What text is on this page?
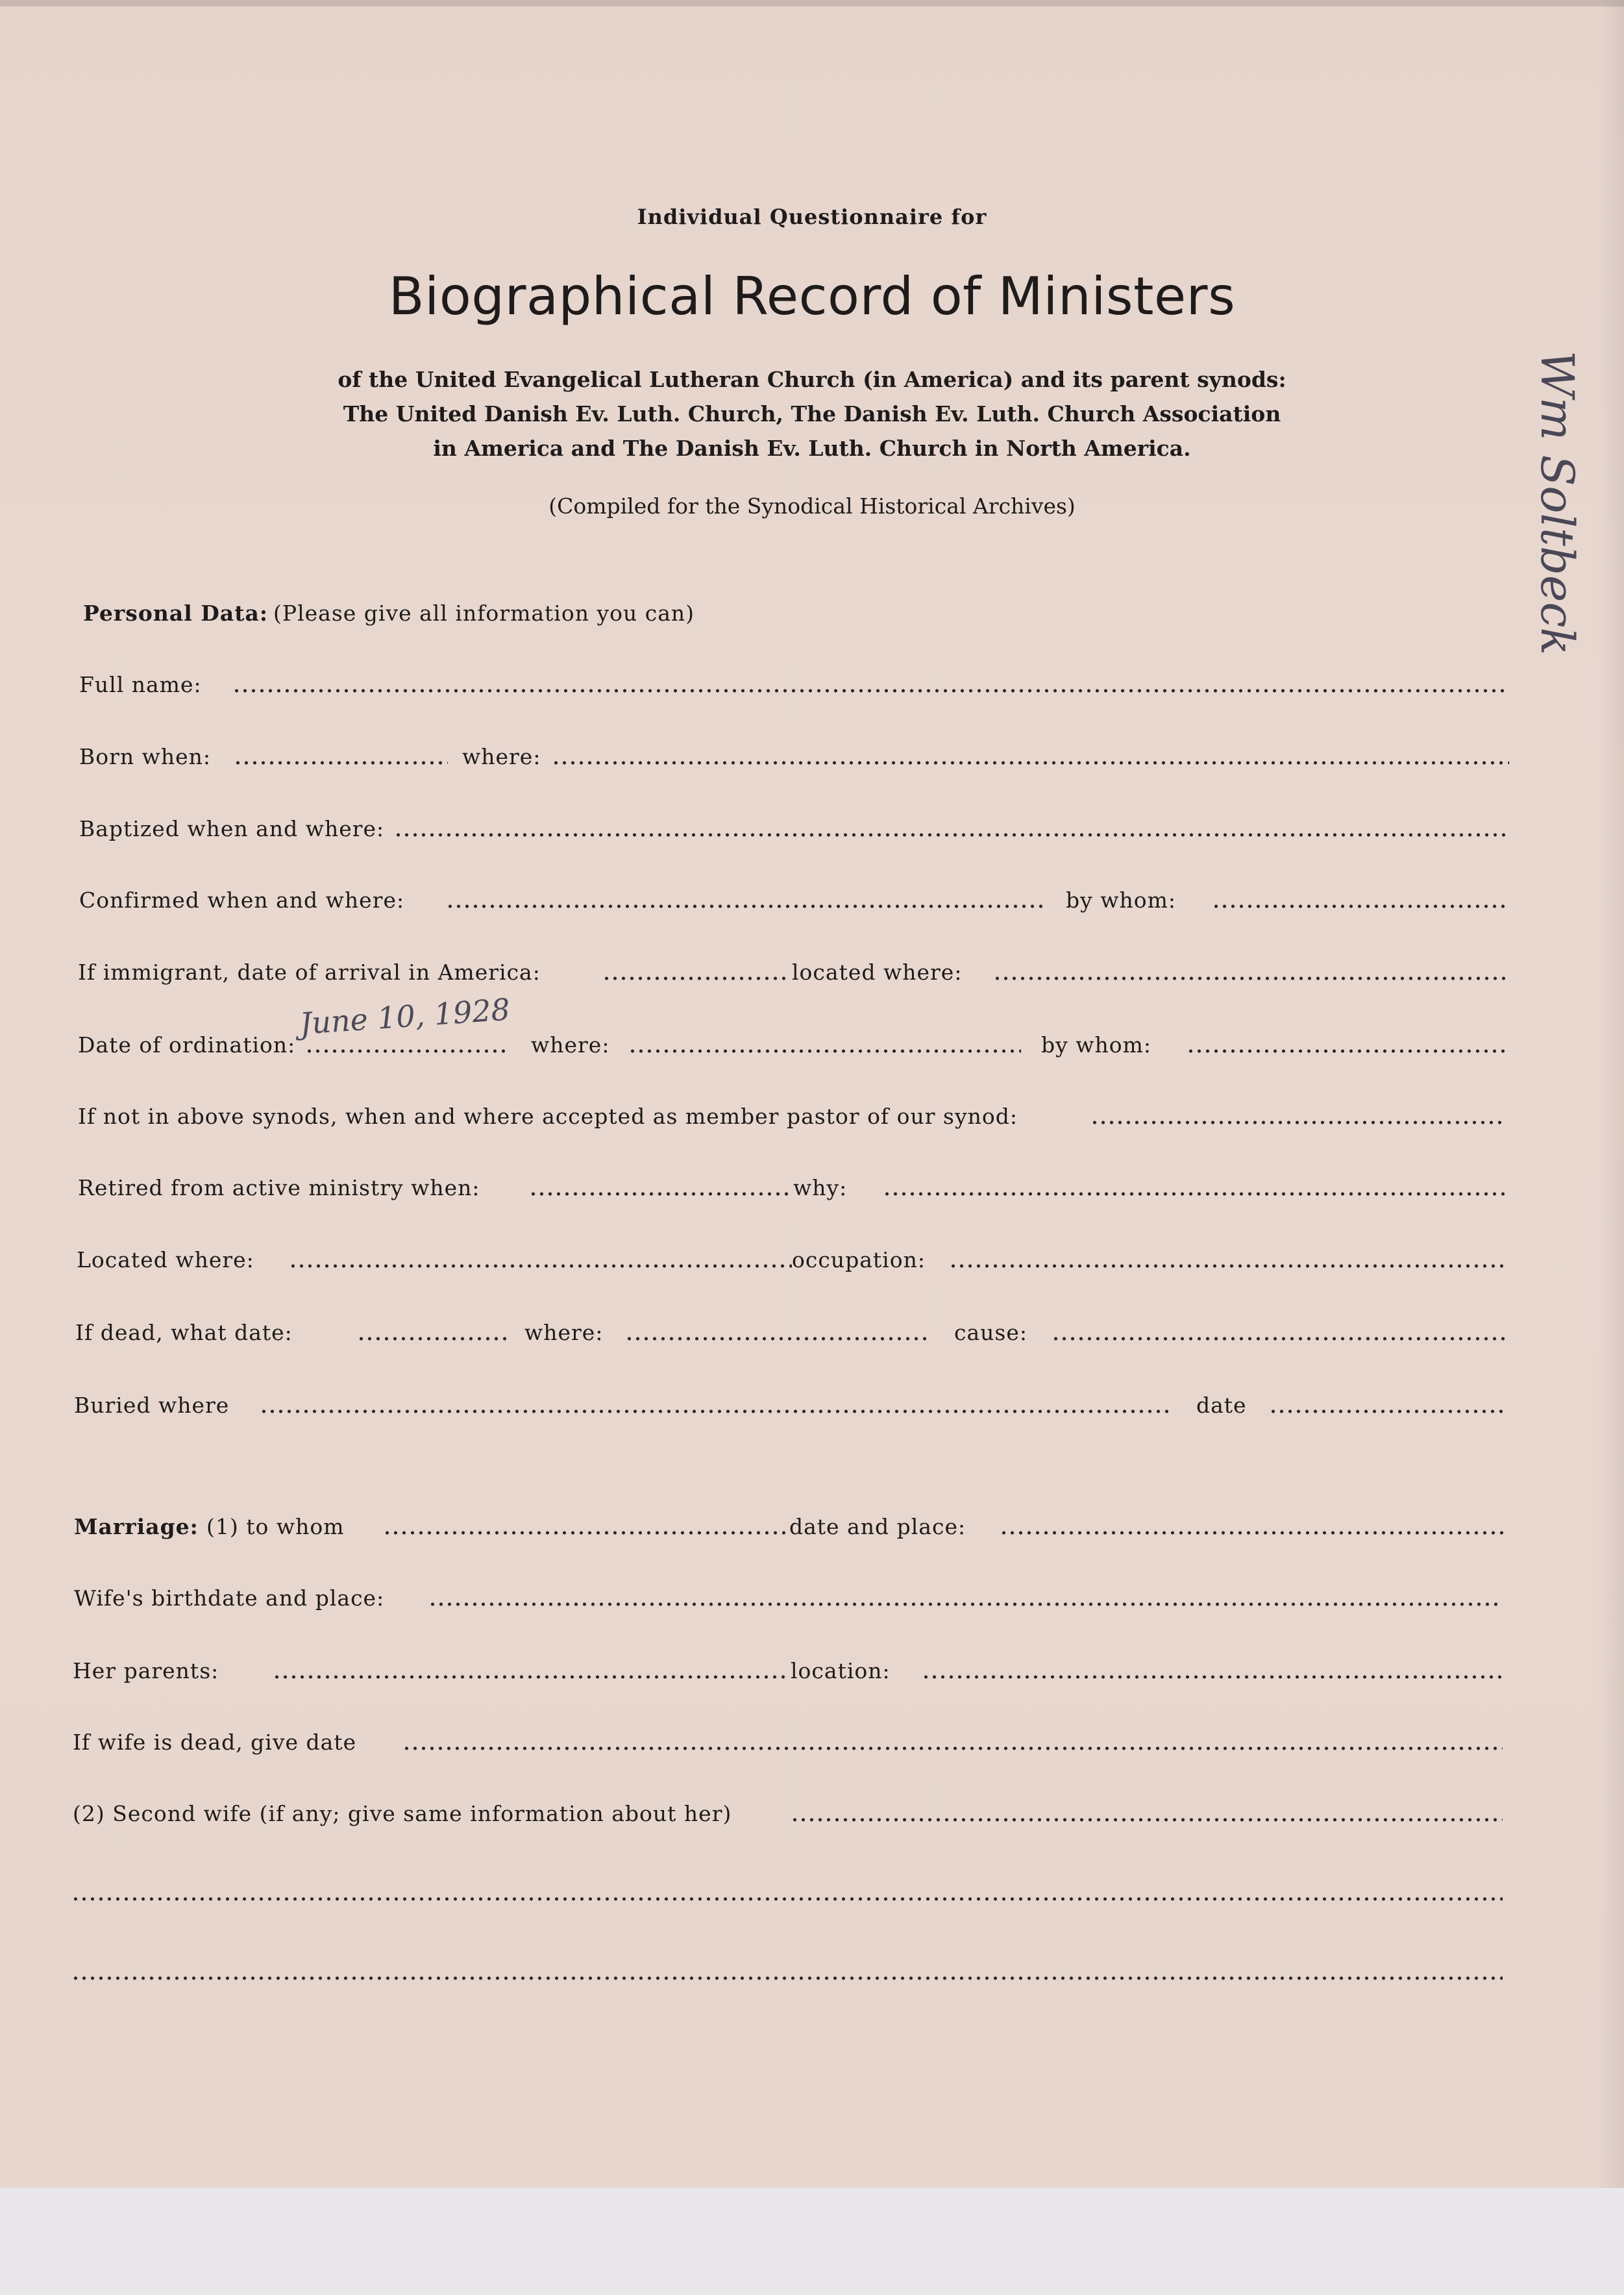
Individual Questionnaire for
Biographical Record of Ministers
of the United Evangelical Lutheran Church (in America) and its parent synods:
The United Danish Ev. Luth. Church, The Danish Ev. Luth. Church Association
in America and The Danish Ev. Luth. Church in North America.
(Compiled for the Synodical Historical Archives)
Personal Data: (Please give all information you can)
Full name:
Born when:	where:
Baptized when and where:
Confirmed when and where:	by whom:
If immigrant, date of arrival in America:	located where:
Date of ordination:	where:	by whom:
June 10, 1928
If not in above synods, when and where accepted as member pastor of our synod:
Retired from active ministry when:	why:
Located where:	occupation:
If dead, what date:	where:	cause:
Buried where	date
Marriage: (1) to whom	date and place:
Wife's birthdate and place:
Her parents:	location:
If wife is dead, give date
(2) Second wife (if any; give same information about her)
Wm Soltbeck
